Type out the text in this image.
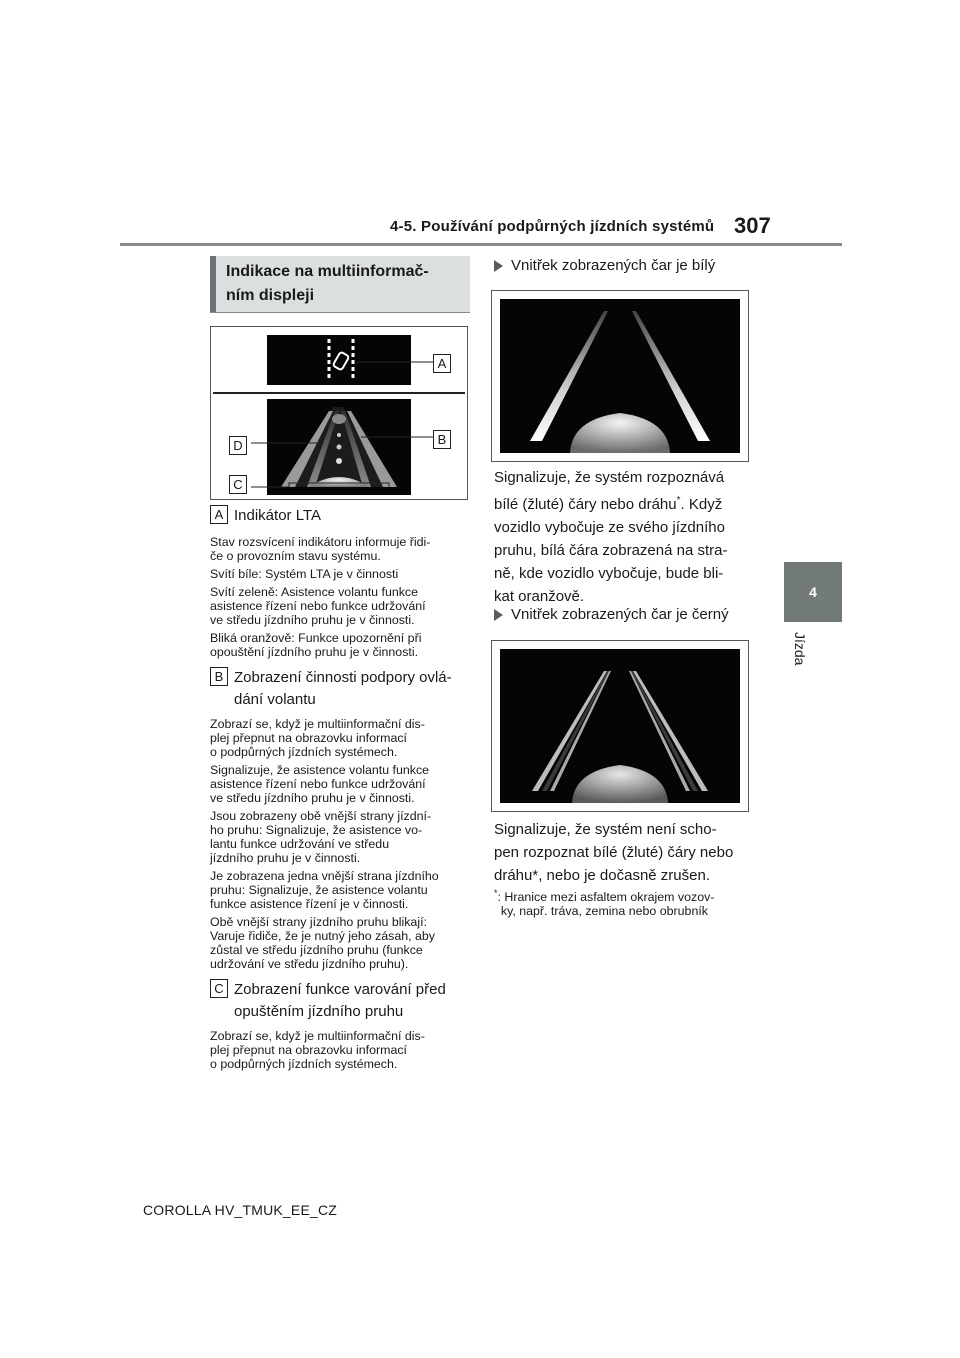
4-5. Používání podpůrných jízdních systémů 307
4
Jízda
Indikace na multiinformač-
ním displeji
A
B
C
D
A Indikátor LTA
Stav rozsvícení indikátoru informuje řidi-
če o provozním stavu systému.
Svítí bíle: Systém LTA je v činnosti
Svítí zeleně: Asistence volantu funkce
asistence řízení nebo funkce udržování
ve středu jízdního pruhu je v činnosti.
Bliká oranžově: Funkce upozornění při
opouštění jízdního pruhu je v činnosti.
B Zobrazení činnosti podpory ovlá-
dání volantu
Zobrazí se, když je multiinformační dis-
plej přepnut na obrazovku informací
o podpůrných jízdních systémech.
Signalizuje, že asistence volantu funkce
asistence řízení nebo funkce udržování
ve středu jízdního pruhu je v činnosti.
Jsou zobrazeny obě vnější strany jízdní-
ho pruhu: Signalizuje, že asistence vo-
lantu funkce udržování ve středu
jízdního pruhu je v činnosti.
Je zobrazena jedna vnější strana jízdního
pruhu: Signalizuje, že asistence volantu
funkce asistence řízení je v činnosti.
Obě vnější strany jízdního pruhu blikají:
Varuje řidiče, že je nutný jeho zásah, aby
zůstal ve středu jízdního pruhu (funkce
udržování ve středu jízdního pruhu).
C Zobrazení funkce varování před
opuštěním jízdního pruhu
Zobrazí se, když je multiinformační dis-
plej přepnut na obrazovku informací
o podpůrných jízdních systémech.
Vnitřek zobrazených čar je bílý
Signalizuje, že systém rozpoznává
bílé (žluté) čáry nebo dráhu*. Když
vozidlo vybočuje ze svého jízdního
pruhu, bílá čára zobrazená na stra-
ně, kde vozidlo vybočuje, bude bli-
kat oranžově.
Vnitřek zobrazených čar je černý
Signalizuje, že systém není scho-
pen rozpoznat bílé (žluté) čáry nebo
dráhu*, nebo je dočasně zrušen.
*: Hranice mezi asfaltem okrajem vozov-
ky, např. tráva, zemina nebo obrubník
COROLLA HV_TMUK_EE_CZ
